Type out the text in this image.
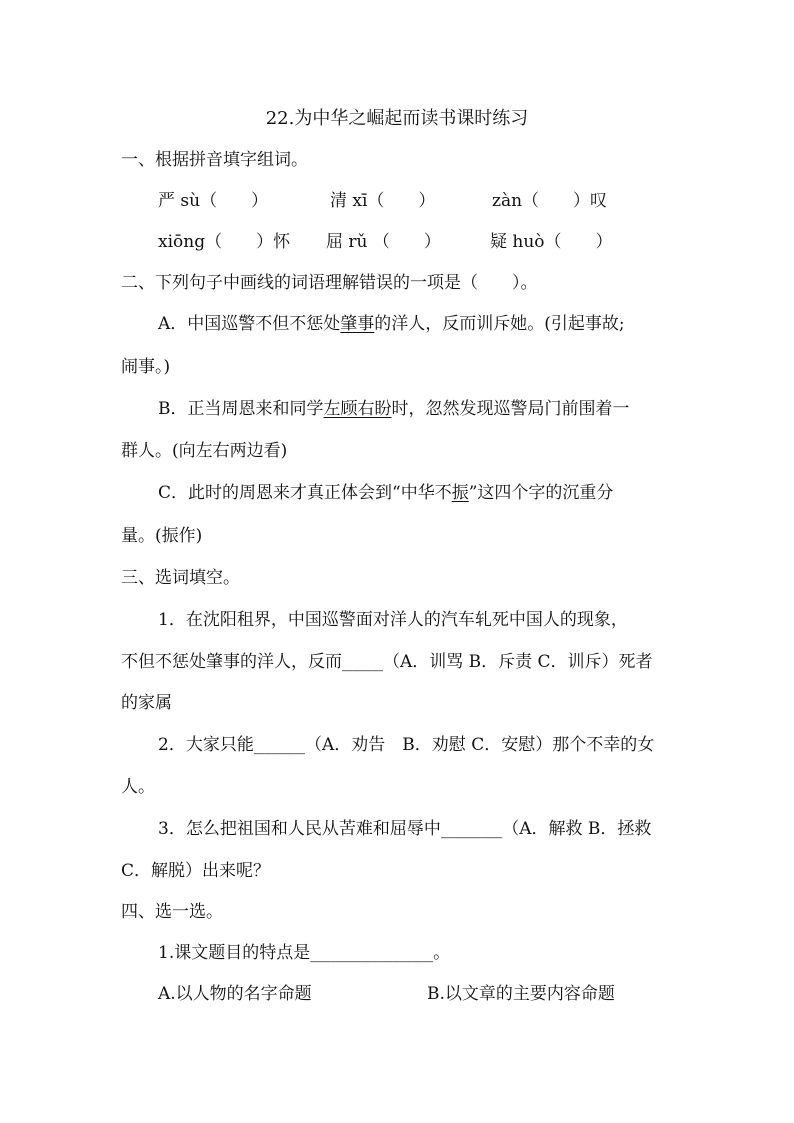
22.为中华之崛起而读书课时练习
一、根据拼音填字组词。
严 sù（　　）	清 xī（　　）	zàn（　　）叹
xiōng（　　）怀 屈 rǔ （　　）	疑 huò（　　）
二、下列句子中画线的词语理解错误的一项是（　　）。
A．中国巡警不但不惩处肇事的洋人，反而训斥她。(引起事故;
闹事。)
B．正当周恩来和同学左顾右盼时，忽然发现巡警局门前围着一
群人。(向左右两边看)
C．此时的周恩来才真正体会到“中华不振”这四个字的沉重分
量。(振作)
三、选词填空。
1．在沈阳租界，中国巡警面对洋人的汽车轧死中国人的现象，
不但不惩处肇事的洋人，反而____（A．训骂 B．斥责 C．训斥）死者
的家属
2．大家只能_____（A．劝告　B．劝慰 C．安慰）那个不幸的女
人。
3．怎么把祖国和人民从苦难和屈辱中______（A．解救 B．拯救
C．解脱）出来呢？
四、选一选。
1.课文题目的特点是____________。
A.以人物的名字命题	B.以文章的主要内容命题
